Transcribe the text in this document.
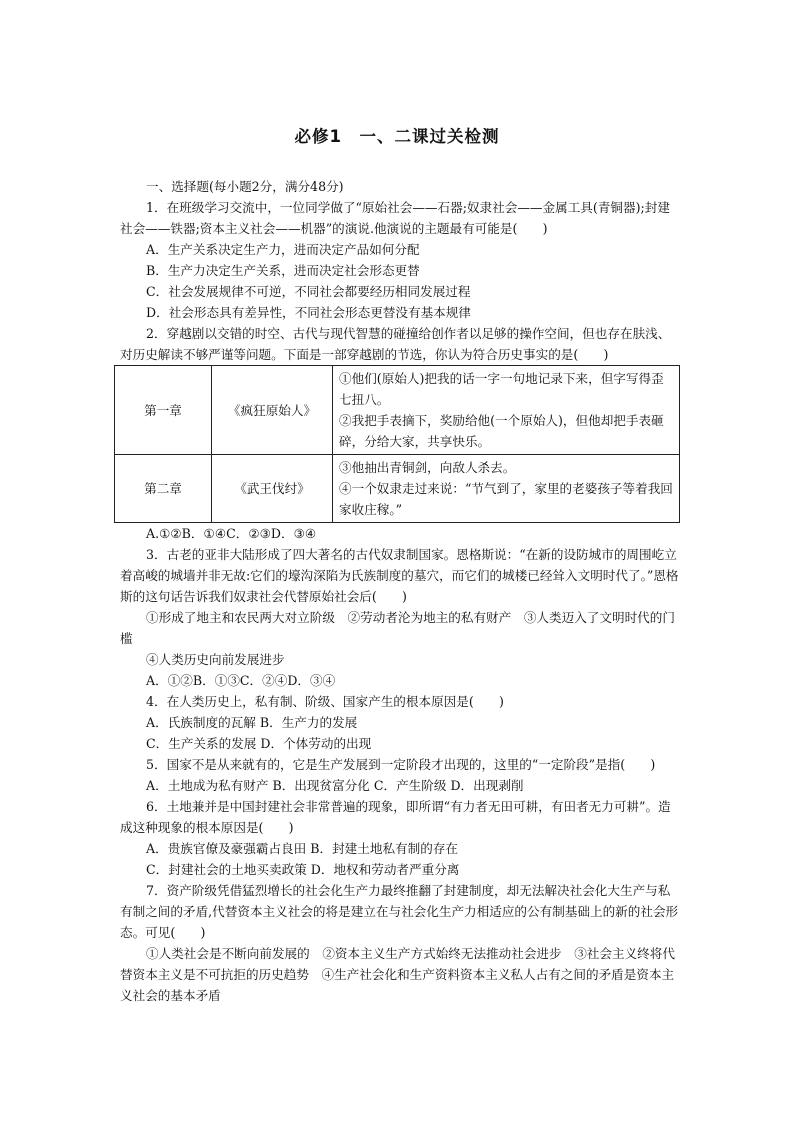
必修1　一、二课过关检测

一、选择题(每小题2分，满分48分)

1．在班级学习交流中，一位同学做了“原始社会——石器;奴隶社会——金属工具(青铜器);封建社会——铁器;资本主义社会——机器”的演说.他演说的主题最有可能是(　　)

A．生产关系决定生产力，进而决定产品如何分配

B．生产力决定生产关系，进而决定社会形态更替

C．社会发展规律不可逆，不同社会都要经历相同发展过程

D．社会形态具有差异性，不同社会形态更替没有基本规律

2．穿越剧以交错的时空、古代与现代智慧的碰撞给创作者以足够的操作空间，但也存在肤浅、对历史解读不够严谨等问题。下面是一部穿越剧的节选，你认为符合历史事实的是(　　)

第一章	《疯狂原始人》	①他们(原始人)把我的话一字一句地记录下来，但字写得歪七扭八。
②我把手表摘下，奖励给他(一个原始人)，但他却把手表砸碎，分给大家，共享快乐。

第二章	《武王伐纣》	③他抽出青铜剑，向敌人杀去。
④一个奴隶走过来说：“节气到了，家里的老婆孩子等着我回家收庄稼。”

A.①②B．①④C．②③D．③④

3．古老的亚非大陆形成了四大著名的古代奴隶制国家。恩格斯说：“在新的设防城市的周围屹立着高峻的城墙并非无故:它们的壕沟深陷为氏族制度的墓穴，而它们的城楼已经耸入文明时代了。”恩格斯的这句话告诉我们奴隶社会代替原始社会后(　　)

①形成了地主和农民两大对立阶级　②劳动者沦为地主的私有财产　③人类迈入了文明时代的门槛

④人类历史向前发展进步

A．①②B．①③C．②④D．③④

4．在人类历史上，私有制、阶级、国家产生的根本原因是(　　)

A．氏族制度的瓦解 B．生产力的发展

C．生产关系的发展 D．个体劳动的出现

5．国家不是从来就有的，它是生产发展到一定阶段才出现的，这里的“一定阶段”是指(　　)

A．土地成为私有财产 B．出现贫富分化 C．产生阶级 D．出现剥削

6．土地兼并是中国封建社会非常普遍的现象，即所谓“有力者无田可耕，有田者无力可耕”。造成这种现象的根本原因是(　　)

A．贵族官僚及豪强霸占良田 B．封建土地私有制的存在

C．封建社会的土地买卖政策 D．地权和劳动者严重分离

7．资产阶级凭借猛烈增长的社会化生产力最终推翻了封建制度，却无法解决社会化大生产与私有制之间的矛盾,代替资本主义社会的将是建立在与社会化生产力相适应的公有制基础上的新的社会形态。可见(　　)

①人类社会是不断向前发展的　②资本主义生产方式始终无法推动社会进步　③社会主义终将代替资本主义是不可抗拒的历史趋势　④生产社会化和生产资料资本主义私人占有之间的矛盾是资本主义社会的基本矛盾
